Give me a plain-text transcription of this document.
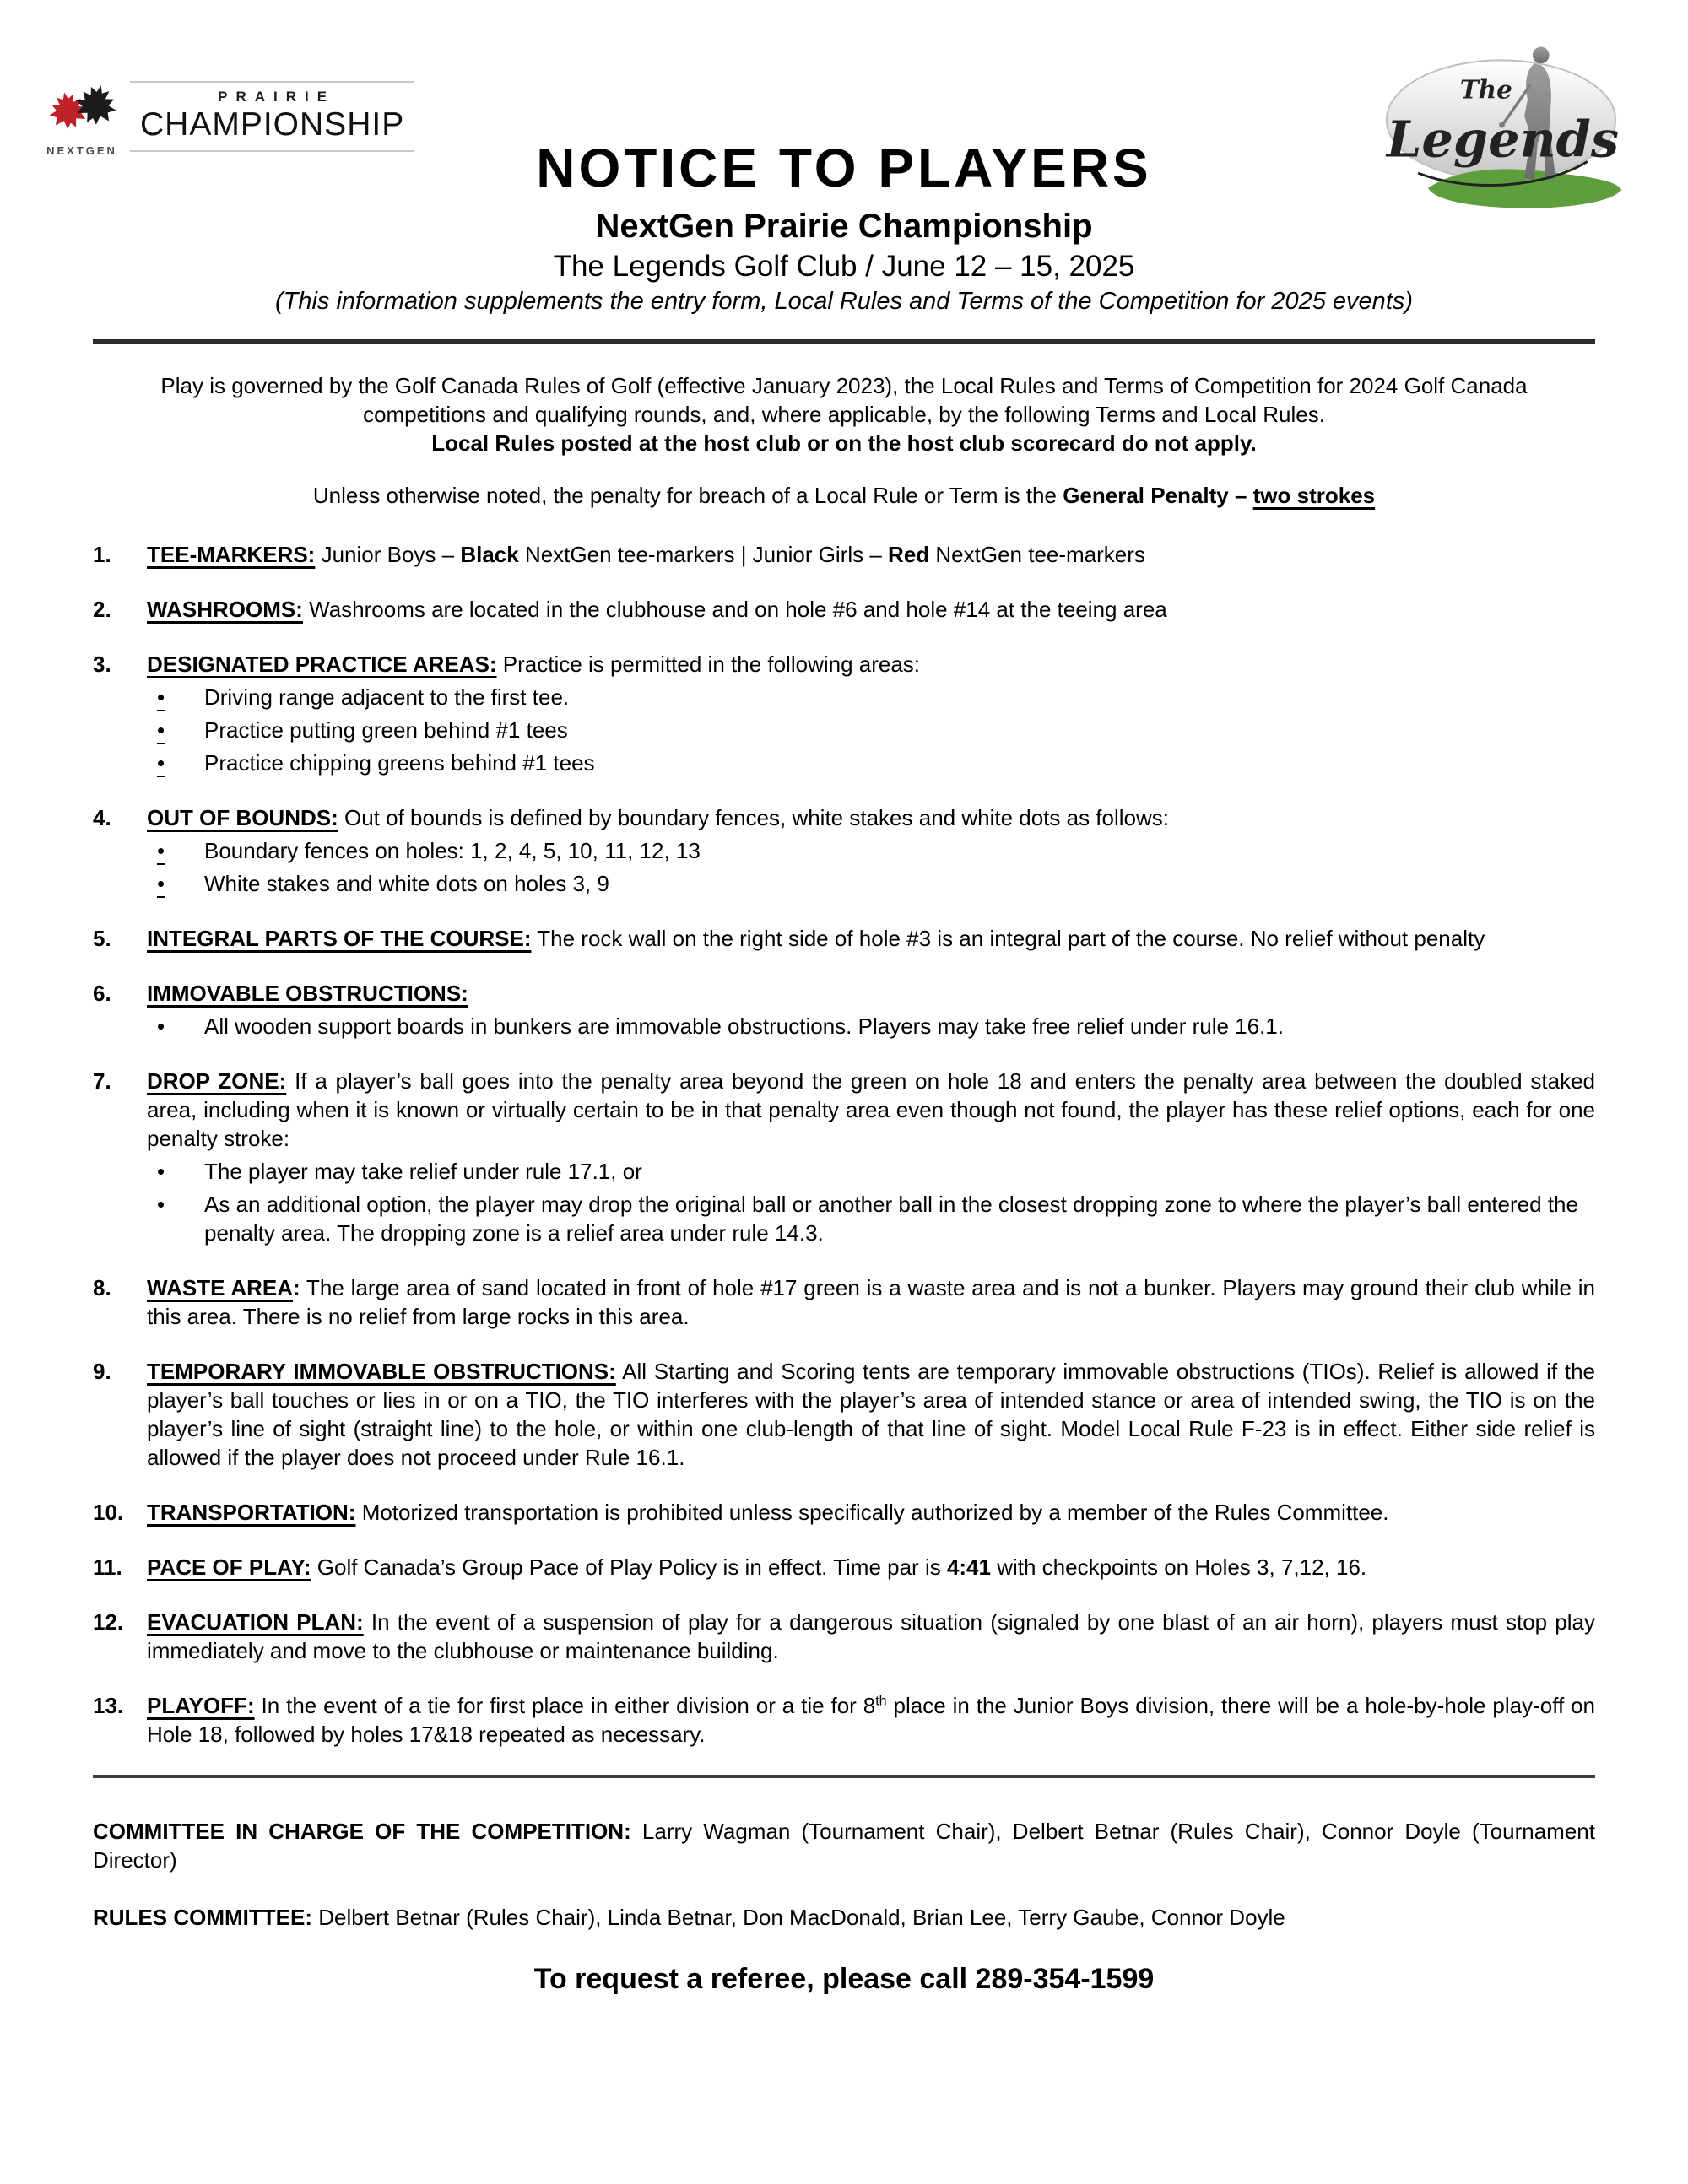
NEXTGEN
PRAIRIE
CHAMPIONSHIP
The
Legends
NOTICE TO PLAYERS
NextGen Prairie Championship
The Legends Golf Club / June 12 – 15, 2025
(This information supplements the entry form, Local Rules and Terms of the Competition for 2025 events)
Play is governed by the Golf Canada Rules of Golf (effective January 2023), the Local Rules and Terms of Competition for 2024 Golf Canada competitions and qualifying rounds, and, where applicable, by the following Terms and Local Rules.
Local Rules posted at the host club or on the host club scorecard do not apply.
Unless otherwise noted, the penalty for breach of a Local Rule or Term is the General Penalty – two strokes
1.	TEE-MARKERS: Junior Boys – Black NextGen tee-markers | Junior Girls – Red NextGen tee-markers

2.	WASHROOMS: Washrooms are located in the clubhouse and on hole #6 and hole #14 at the teeing area

3.	DESIGNATED PRACTICE AREAS: Practice is permitted in the following areas:

•
Driving range adjacent to the first tee.
•
Practice putting green behind #1 tees
•
Practice chipping greens behind #1 tees
4.	OUT OF BOUNDS: Out of bounds is defined by boundary fences, white stakes and white dots as follows:

•
Boundary fences on holes: 1, 2, 4, 5, 10, 11, 12, 13
•
White stakes and white dots on holes 3, 9
5.	INTEGRAL PARTS OF THE COURSE: The rock wall on the right side of hole #3 is an integral part of the course. No relief without penalty

6.	IMMOVABLE OBSTRUCTIONS:

•
All wooden support boards in bunkers are immovable obstructions. Players may take free relief under rule 16.1.
7.	DROP ZONE: If a player’s ball goes into the penalty area beyond the green on hole 18 and enters the penalty area between the doubled staked area, including when it is known or virtually certain to be in that penalty area even though not found, the player has these relief options, each for one penalty stroke:

•
The player may take relief under rule 17.1, or
•
As an additional option, the player may drop the original ball or another ball in the closest dropping zone to where the player’s ball entered the penalty area. The dropping zone is a relief area under rule 14.3.
8.	WASTE AREA: The large area of sand located in front of hole #17 green is a waste area and is not a bunker. Players may ground their club while in this area. There is no relief from large rocks in this area.

9.	TEMPORARY IMMOVABLE OBSTRUCTIONS: All Starting and Scoring tents are temporary immovable obstructions (TIOs). Relief is allowed if the player’s ball touches or lies in or on a TIO, the TIO interferes with the player’s area of intended stance or area of intended swing, the TIO is on the player’s line of sight (straight line) to the hole, or within one club-length of that line of sight. Model Local Rule F-23 is in effect. Either side relief is allowed if the player does not proceed under Rule 16.1.

10.	TRANSPORTATION: Motorized transportation is prohibited unless specifically authorized by a member of the Rules Committee.

11.	PACE OF PLAY: Golf Canada’s Group Pace of Play Policy is in effect. Time par is 4:41 with checkpoints on Holes 3, 7,12, 16.

12.	EVACUATION PLAN: In the event of a suspension of play for a dangerous situation (signaled by one blast of an air horn), players must stop play immediately and move to the clubhouse or maintenance building.

13.	PLAYOFF: In the event of a tie for first place in either division or a tie for 8th place in the Junior Boys division, there will be a hole-by-hole play-off on Hole 18, followed by holes 17&18 repeated as necessary.

COMMITTEE IN CHARGE OF THE COMPETITION: Larry Wagman (Tournament Chair), Delbert Betnar (Rules Chair), Connor Doyle (Tournament Director)
RULES COMMITTEE: Delbert Betnar (Rules Chair), Linda Betnar, Don MacDonald, Brian Lee, Terry Gaube, Connor Doyle
To request a referee, please call 289-354-1599
